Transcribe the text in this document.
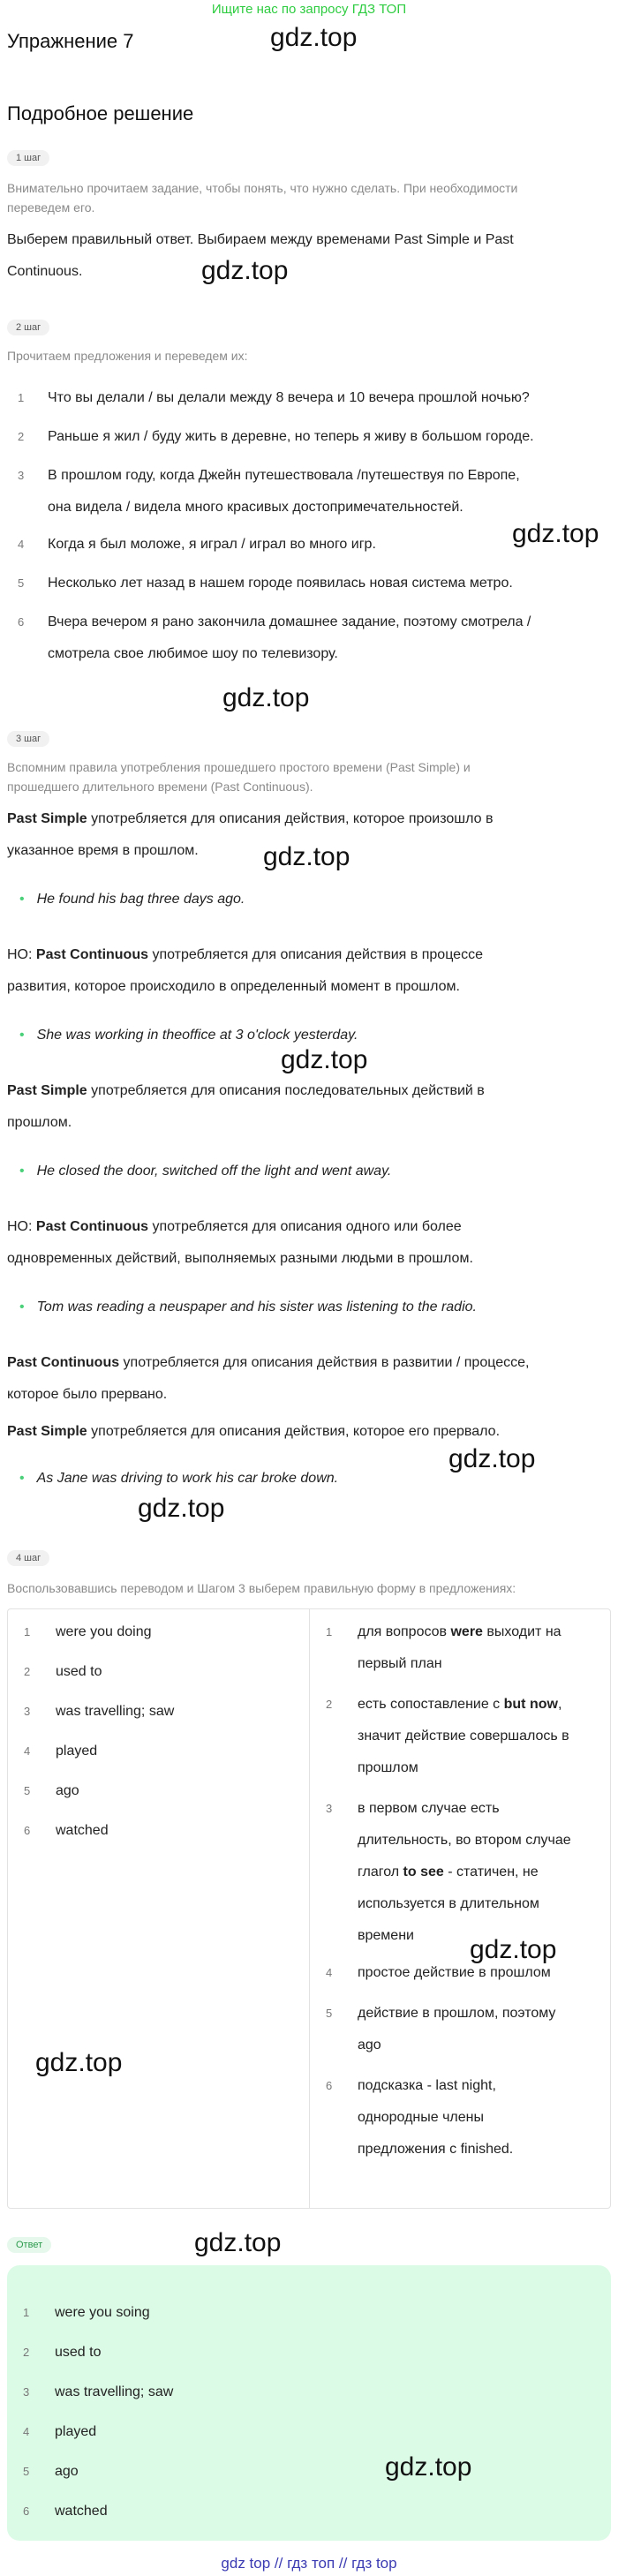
Ищите нас по запросу ГДЗ ТОП
Упражнение 7	gdz.top
Подробное решение
1 шаг
Внимательно прочитаем задание, чтобы понять, что нужно сделать. При необходимости
переведем его.
Выберем правильный ответ. Выбираем между временами Past Simple и Past
Continuous.	gdz.top
2 шаг
Прочитаем предложения и переведем их:
1	Что вы делали / вы делали между 8 вечера и 10 вечера прошлой ночью?
2	Раньше я жил / буду жить в деревне, но теперь я живу в большом городе.
3	В прошлом году, когда Джейн путешествовала /путешествуя по Европе,
она видела / видела много красивых достопримечательностей.
4	Когда я был моложе, я играл / играл во много игр.
5	Несколько лет назад в нашем городе появилась новая система метро.
6	Вчера вечером я рано закончила домашнее задание, поэтому смотрела /
смотрела свое любимое шоу по телевизору.
gdz.top
gdz.top
3 шаг
Вспомним правила употребления прошедшего простого времени (Past Simple) и
прошедшего длительного времени (Past Continuous).
Past Simple употребляется для описания действия, которое произошло в
указанное время в прошлом.	gdz.top
• He found his bag three days ago.
НО: Past Continuous употребляется для описания действия в процессе
развития, которое происходило в определенный момент в прошлом.
• She was working in theoffice at 3 o'clock yesterday.
gdz.top
Past Simple употребляется для описания последовательных действий в
прошлом.
• He closed the door, switched off the light and went away.
НО: Past Continuous употребляется для описания одного или более
одновременных действий, выполняемых разными людьми в прошлом.
• Tom was reading a neuspaper and his sister was listening to the radio.
Past Continuous употребляется для описания действия в развитии / процессе,
которое было прервано.
Past Simple употребляется для описания действия, которое его прервало.
gdz.top
• As Jane was driving to work his car broke down.
gdz.top
4 шаг
Воспользовавшись переводом и Шагом 3 выберем правильную форму в предложениях:
1	were you doing
2	used to
3	was travelling; saw
4	played
5	ago
6	watched
1	для вопросов were выходит на
первый план
2	есть сопоставление с but now,
значит действие совершалось в
прошлом
3	в первом случае есть
длительность, во втором случае
глагол to see - статичен, не
используется в длительном
времени
4	простое действие в прошлом
5	действие в прошлом, поэтому
ago
6	подсказка - last night,
однородные члены
предложения с finished.
gdz.top
gdz.top
Ответ	gdz.top
1	were you soing
2	used to
3	was travelling; saw
4	played
5	ago
6	watched
gdz.top
gdz top // гдз топ // гдз top
